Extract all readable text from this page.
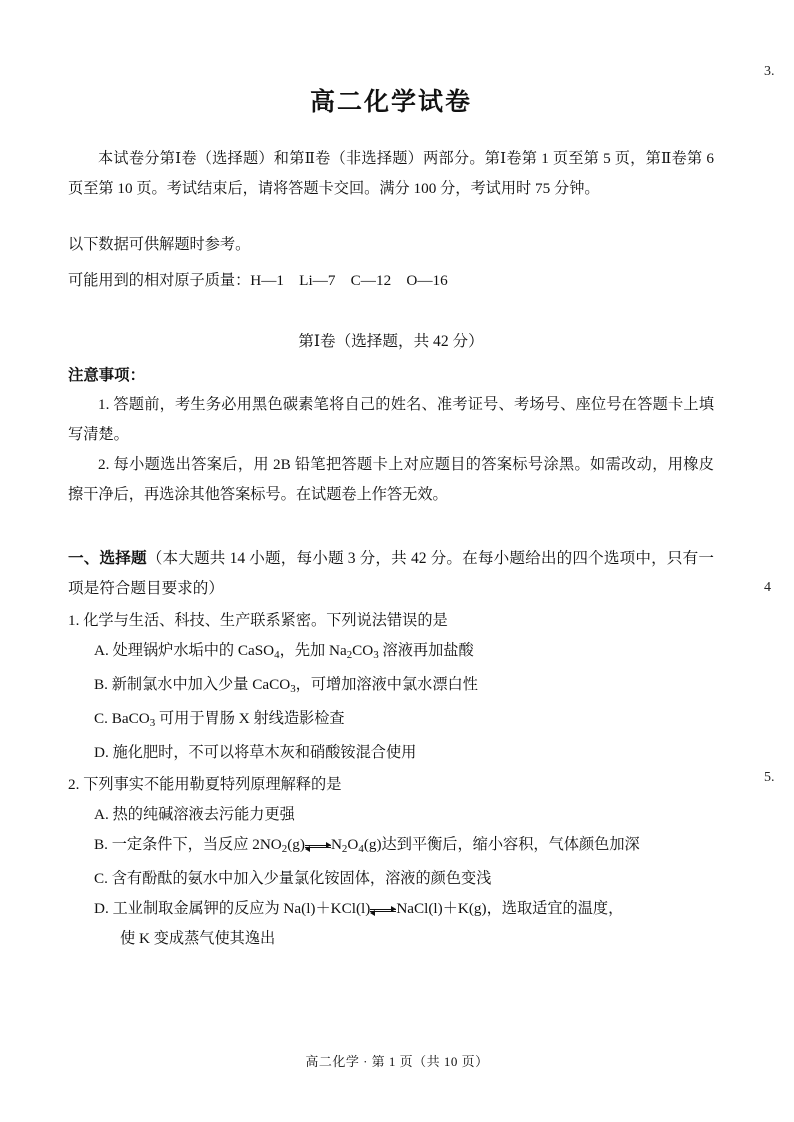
高二化学试卷

本试卷分第Ⅰ卷（选择题）和第Ⅱ卷（非选择题）两部分。第Ⅰ卷第 1 页至第 5 页，第Ⅱ卷第 6 页至第 10 页。考试结束后，请将答题卡交回。满分 100 分，考试用时 75 分钟。

以下数据可供解题时参考。

可能用到的相对原子质量：H—1　Li—7　C—12　O—16

第Ⅰ卷（选择题，共 42 分）
注意事项：

1. 答题前，考生务必用黑色碳素笔将自己的姓名、准考证号、考场号、座位号在答题卡上填写清楚。

2. 每小题选出答案后，用 2B 铅笔把答题卡上对应题目的答案标号涂黑。如需改动，用橡皮擦干净后，再选涂其他答案标号。在试题卷上作答无效。

一、选择题（本大题共 14 小题，每小题 3 分，共 42 分。在每小题给出的四个选项中，只有一项是符合题目要求的）
1. 化学与生活、科技、生产联系紧密。下列说法错误的是
A. 处理锅炉水垢中的 CaSO$_4$，先加 $Na_2CO_3$ 溶液再加盐酸
B. 新制氯水中加入少量 CaCO$_3$，可增加溶液中氯水漂白性
C. BaCO$_3$ 可用于胃肠 X 射线造影检查
D. 施化肥时，不可以将草木灰和硝酸铵混合使用
2. 下列事实不能用勒夏特列原理解释的是
A. 热的纯碱溶液去污能力更强
B. 一定条件下，当反应 $2NO_2(g)$ $N_2O_4(g)$达到平衡后，缩小容积，气体颜色加深
C. 含有酚酞的氨水中加入少量氯化铵固体，溶液的颜色变浅
D. 工业制取金属钾的反应为 Na(l)＋KCl(l) NaCl(l)＋K(g)，选取适宜的温度，
使 K 变成蒸气使其逸出
高二化学 · 第 1 页（共 10 页）
3.
4
5.
